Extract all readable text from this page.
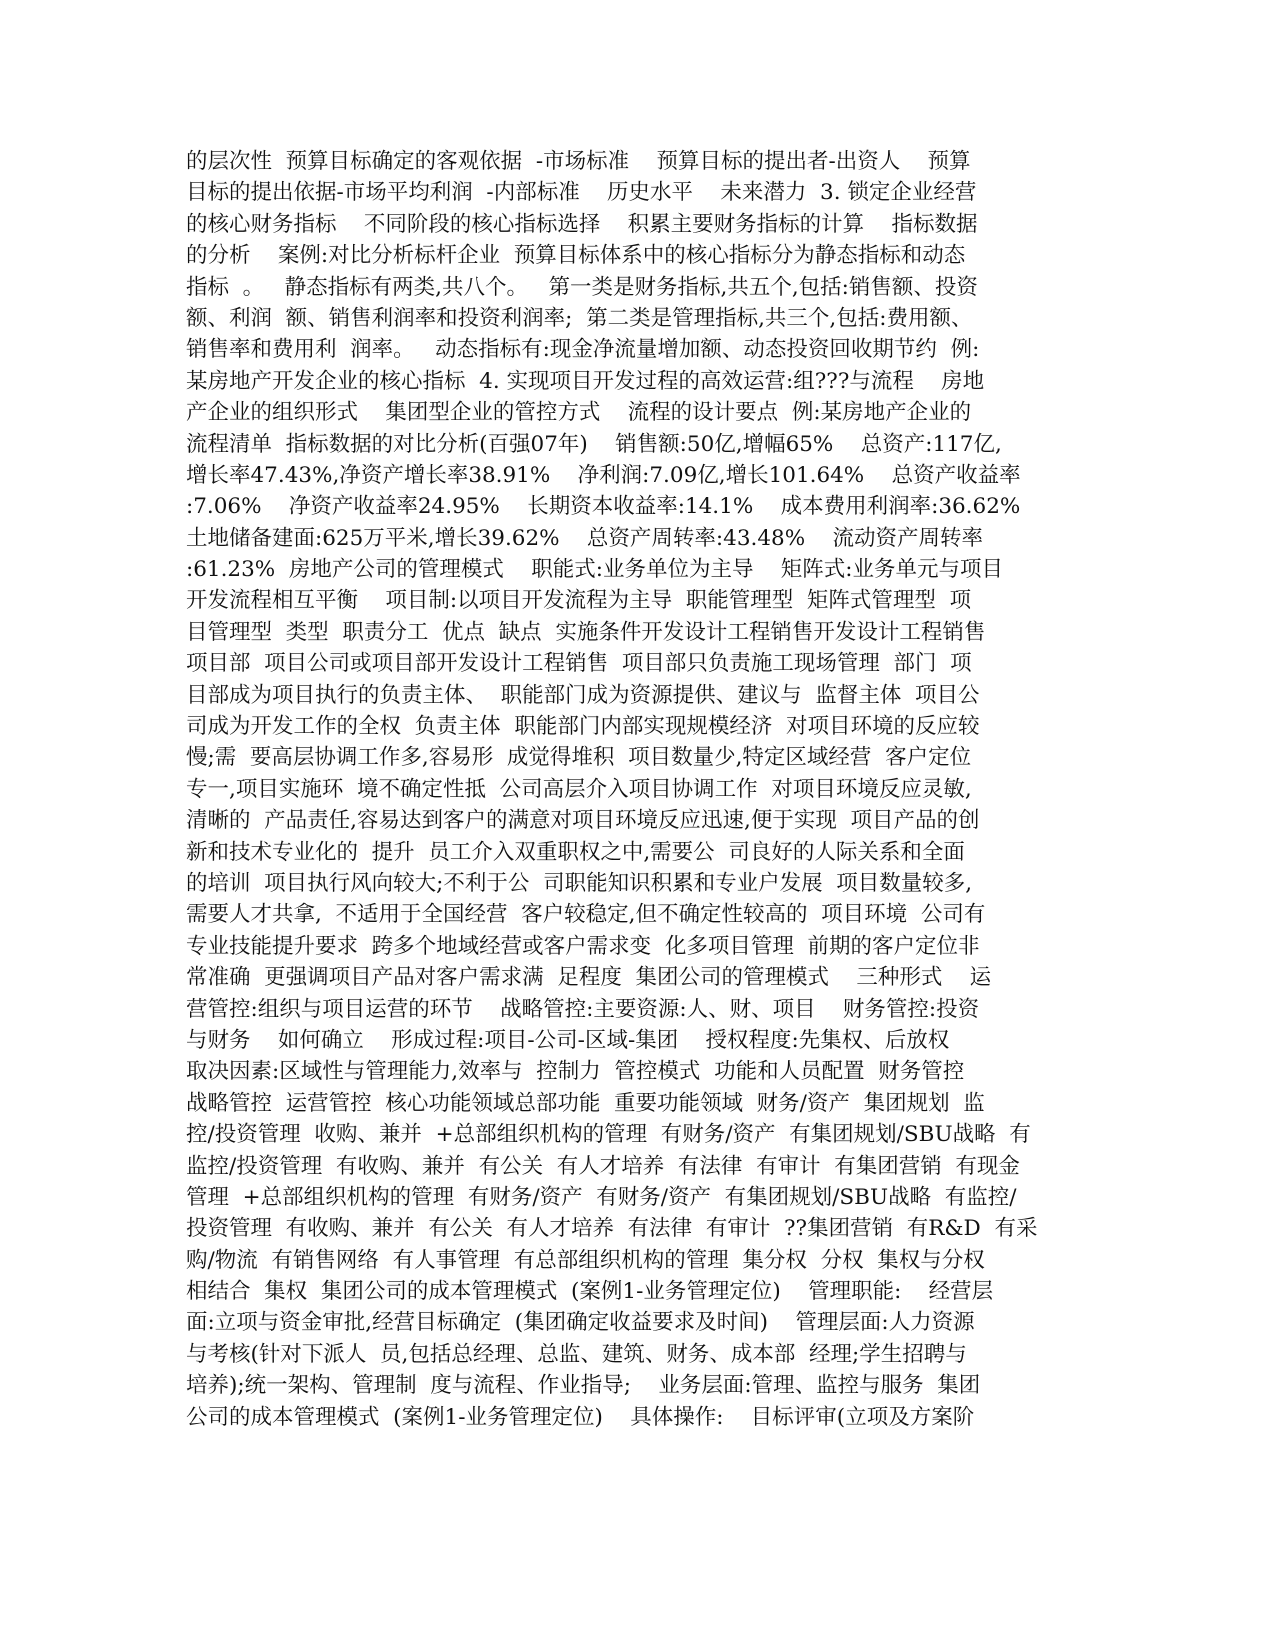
的层次性  预算目标确定的客观依据  -市场标准    预算目标的提出者-出资人    预算
目标的提出依据-市场平均利润  -内部标准    历史水平    未来潜力  3. 锁定企业经营
的核心财务指标    不同阶段的核心指标选择    积累主要财务指标的计算    指标数据
的分析    案例:对比分析标杆企业  预算目标体系中的核心指标分为静态指标和动态
指标  。   静态指标有两类,共八个。   第一类是财务指标,共五个,包括:销售额、投资
额、利润  额、销售利润率和投资利润率;  第二类是管理指标,共三个,包括:费用额、
销售率和费用利  润率。   动态指标有:现金净流量增加额、动态投资回收期节约  例:
某房地产开发企业的核心指标  4. 实现项目开发过程的高效运营:组???与流程    房地
产企业的组织形式    集团型企业的管控方式    流程的设计要点  例:某房地产企业的
流程清单  指标数据的对比分析(百强07年)    销售额:50亿,增幅65%    总资产:117亿,
增长率47.43%,净资产增长率38.91%    净利润:7.09亿,增长101.64%    总资产收益率
:7.06%    净资产收益率24.95%    长期资本收益率:14.1%    成本费用利润率:36.62%
土地储备建面:625万平米,增长39.62%    总资产周转率:43.48%    流动资产周转率
:61.23%  房地产公司的管理模式    职能式:业务单位为主导    矩阵式:业务单元与项目
开发流程相互平衡    项目制:以项目开发流程为主导  职能管理型  矩阵式管理型  项
目管理型  类型  职责分工  优点  缺点  实施条件开发设计工程销售开发设计工程销售
项目部  项目公司或项目部开发设计工程销售  项目部只负责施工现场管理  部门  项
目部成为项目执行的负责主体、  职能部门成为资源提供、建议与  监督主体  项目公
司成为开发工作的全权  负责主体  职能部门内部实现规模经济  对项目环境的反应较
慢;需  要高层协调工作多,容易形  成觉得堆积  项目数量少,特定区域经营  客户定位
专一,项目实施环  境不确定性抵  公司高层介入项目协调工作  对项目环境反应灵敏,
清晰的  产品责任,容易达到客户的满意对项目环境反应迅速,便于实现  项目产品的创
新和技术专业化的  提升  员工介入双重职权之中,需要公  司良好的人际关系和全面
的培训  项目执行风向较大;不利于公  司职能知识积累和专业户发展  项目数量较多,
需要人才共拿,  不适用于全国经营  客户较稳定,但不确定性较高的  项目环境  公司有
专业技能提升要求  跨多个地域经营或客户需求变  化多项目管理  前期的客户定位非
常准确  更强调项目产品对客户需求满  足程度  集团公司的管理模式    三种形式    运
营管控:组织与项目运营的环节    战略管控:主要资源:人、财、项目    财务管控:投资
与财务    如何确立    形成过程:项目-公司-区域-集团    授权程度:先集权、后放权
取决因素:区域性与管理能力,效率与  控制力  管控模式  功能和人员配置  财务管控
战略管控  运营管控  核心功能领域总部功能  重要功能领域  财务/资产  集团规划  监
控/投资管理  收购、兼并  +总部组织机构的管理  有财务/资产  有集团规划/SBU战略  有
监控/投资管理  有收购、兼并  有公关  有人才培养  有法律  有审计  有集团营销  有现金
管理  +总部组织机构的管理  有财务/资产  有财务/资产  有集团规划/SBU战略  有监控/
投资管理  有收购、兼并  有公关  有人才培养  有法律  有审计  ??集团营销  有R&D  有采
购/物流  有销售网络  有人事管理  有总部组织机构的管理  集分权  分权  集权与分权
相结合  集权  集团公司的成本管理模式  (案例1-业务管理定位)    管理职能:    经营层
面:立项与资金审批,经营目标确定  (集团确定收益要求及时间)    管理层面:人力资源
与考核(针对下派人  员,包括总经理、总监、建筑、财务、成本部  经理;学生招聘与
培养);统一架构、管理制  度与流程、作业指导;    业务层面:管理、监控与服务  集团
公司的成本管理模式  (案例1-业务管理定位)    具体操作:    目标评审(立项及方案阶
